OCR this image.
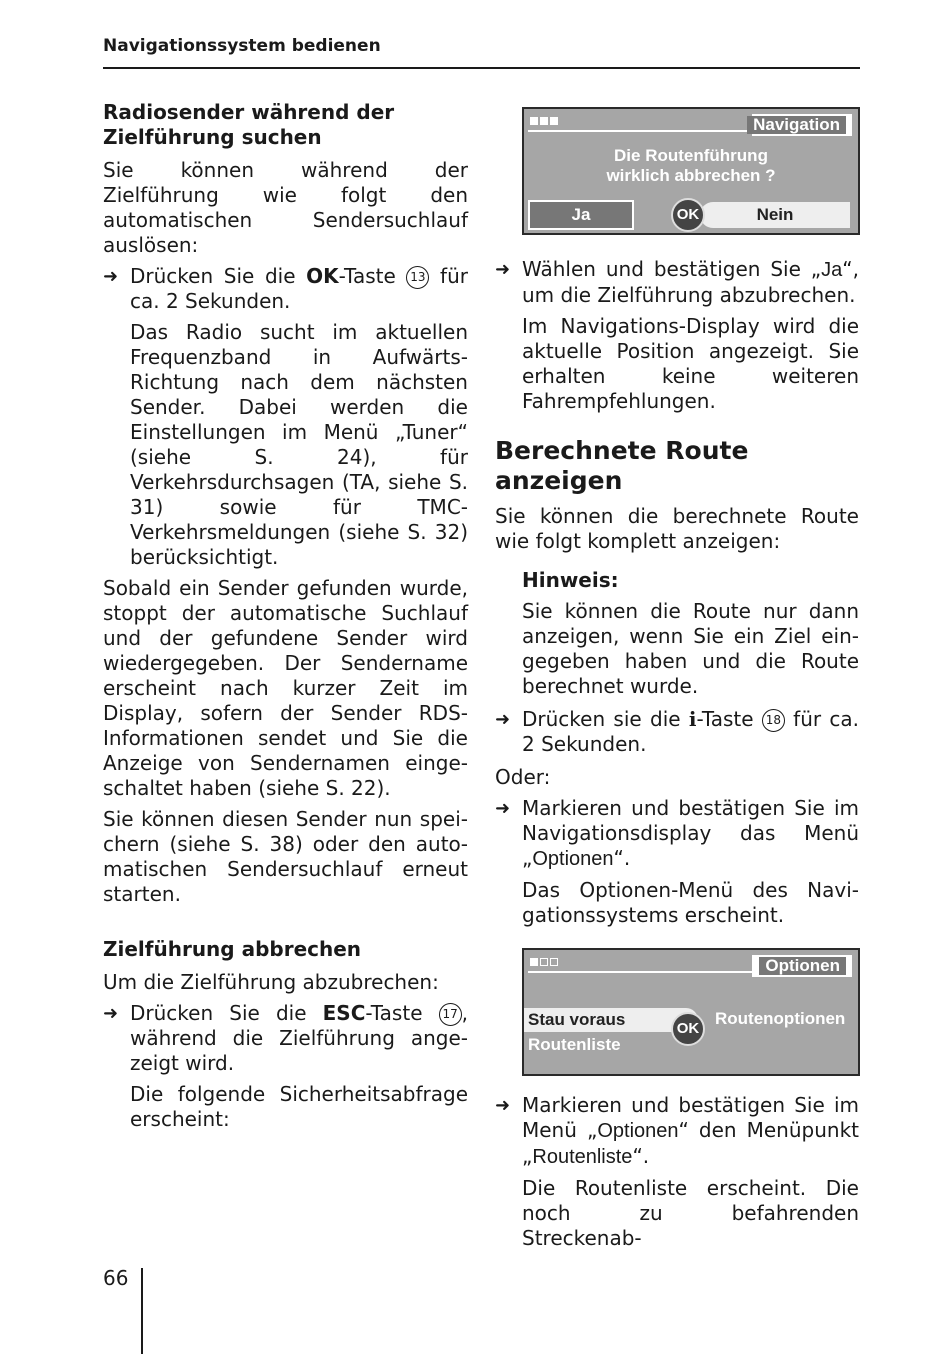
Navigationssystem bedienen
Radiosender während der Zielführung suchen

Sie können während der Zielführung wie folgt den automatischen Sendersuchlauf auslösen:

➜ Drücken Sie die OK-Taste 13 für ca. 2 Sekunden.

Das Radio sucht im aktuellen Frequenzband in Aufwärts-Richtung nach dem nächsten Sender. Dabei werden die Einstellungen im Menü „Tuner“ (siehe S. 24), für Verkehrsdurchsagen (TA, siehe S. 31) sowie für TMC-Verkehrsmeldungen (siehe S. 32) berücksichtigt.

Sobald ein Sender gefunden wurde, stoppt der automatische Suchlauf und der gefundene Sender wird wiedergegeben. Der Sendername erscheint nach kurzer Zeit im Display, sofern der Sender RDS-Informationen sendet und Sie die Anzeige von Sendernamen eingeschaltet haben (siehe S. 22).

Sie können diesen Sender nun speichern (siehe S. 38) oder den automatischen Sendersuchlauf erneut starten.

Zielführung abbrechen

Um die Zielführung abzubrechen:

➜ Drücken Sie die ESC-Taste 17 , während die Zielführung angezeigt wird.

Die folgende Sicherheitsabfrage erscheint:

Navigation
Die Routenführung
wirklich abbrechen ?
Ja	Nein
OK
➜ Wählen und bestätigen Sie „Ja“, um die Zielführung abzubrechen.

Im Navigations-Display wird die aktuelle Position angezeigt. Sie erhalten keine weiteren Fahrempfehlungen.

Berechnete Route anzeigen

Sie können die berechnete Route wie folgt komplett anzeigen:

Hinweis:

Sie können die Route nur dann anzeigen, wenn Sie ein Ziel eingegeben haben und die Route berechnet wurde.

➜ Drücken sie die i-Taste 18 für ca. 2 Sekunden.

Oder:

➜ Markieren und bestätigen Sie im Navigationsdisplay das Menü „Optionen“.

Das Optionen-Menü des Navigationssystems erscheint.

Optionen
Stau voraus
Routenliste
Routenoptionen
OK
➜ Markieren und bestätigen Sie im Menü „Optionen“ den Menüpunkt „Routenliste“.

Die Routenliste erscheint. Die noch zu befahrenden Streckenab-

66
